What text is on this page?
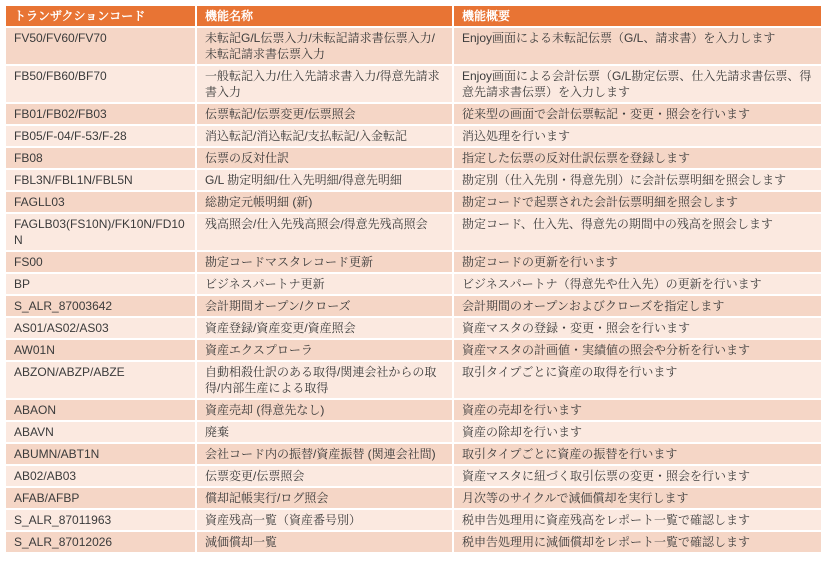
トランザクションコード	機能名称	機能概要
FV50/FV60/FV70	未転記G/L伝票入力/未転記請求書伝票入力/未転記請求書伝票入力	Enjoy画面による未転記伝票（G/L、請求書）を入力します
FB50/FB60/BF70	一般転記入力/仕入先請求書入力/得意先請求書入力	Enjoy画面による会計伝票（G/L勘定伝票、仕入先請求書伝票、得意先請求書伝票）を入力します
FB01/FB02/FB03	伝票転記/伝票変更/伝票照会	従来型の画面で会計伝票転記・変更・照会を行います
FB05/F-04/F-53/F-28	消込転記/消込転記/支払転記/入金転記	消込処理を行います
FB08	伝票の反対仕訳	指定した伝票の反対仕訳伝票を登録します
FBL3N/FBL1N/FBL5N	G/L 勘定明細/仕入先明細/得意先明細	勘定別（仕入先別・得意先別）に会計伝票明細を照会します
FAGLL03	総勘定元帳明細 (新)	勘定コードで起票された会計伝票明細を照会します
FAGLB03(FS10N)/FK10N/FD10N	残高照会/仕入先残高照会/得意先残高照会	勘定コード、仕入先、得意先の期間中の残高を照会します
FS00	勘定コードマスタレコード更新	勘定コードの更新を行います
BP	ビジネスパートナ更新	ビジネスパートナ（得意先や仕入先）の更新を行います
S_ALR_87003642	会計期間オープン/クローズ	会計期間のオープンおよびクローズを指定します
AS01/AS02/AS03	資産登録/資産変更/資産照会	資産マスタの登録・変更・照会を行います
AW01N	資産エクスプローラ	資産マスタの計画値・実績値の照会や分析を行います
ABZON/ABZP/ABZE	自動相殺仕訳のある取得/関連会社からの取得/内部生産による取得	取引タイプごとに資産の取得を行います
ABAON	資産売却 (得意先なし)	資産の売却を行います
ABAVN	廃棄	資産の除却を行います
ABUMN/ABT1N	会社コード内の振替/資産振替 (関連会社間)	取引タイプごとに資産の振替を行います
AB02/AB03	伝票変更/伝票照会	資産マスタに紐づく取引伝票の変更・照会を行います
AFAB/AFBP	償却記帳実行/ログ照会	月次等のサイクルで減価償却を実行します
S_ALR_87011963	資産残高一覧（資産番号別）	税申告処理用に資産残高をレポート一覧で確認します
S_ALR_87012026	減価償却一覧	税申告処理用に減価償却をレポート一覧で確認します
